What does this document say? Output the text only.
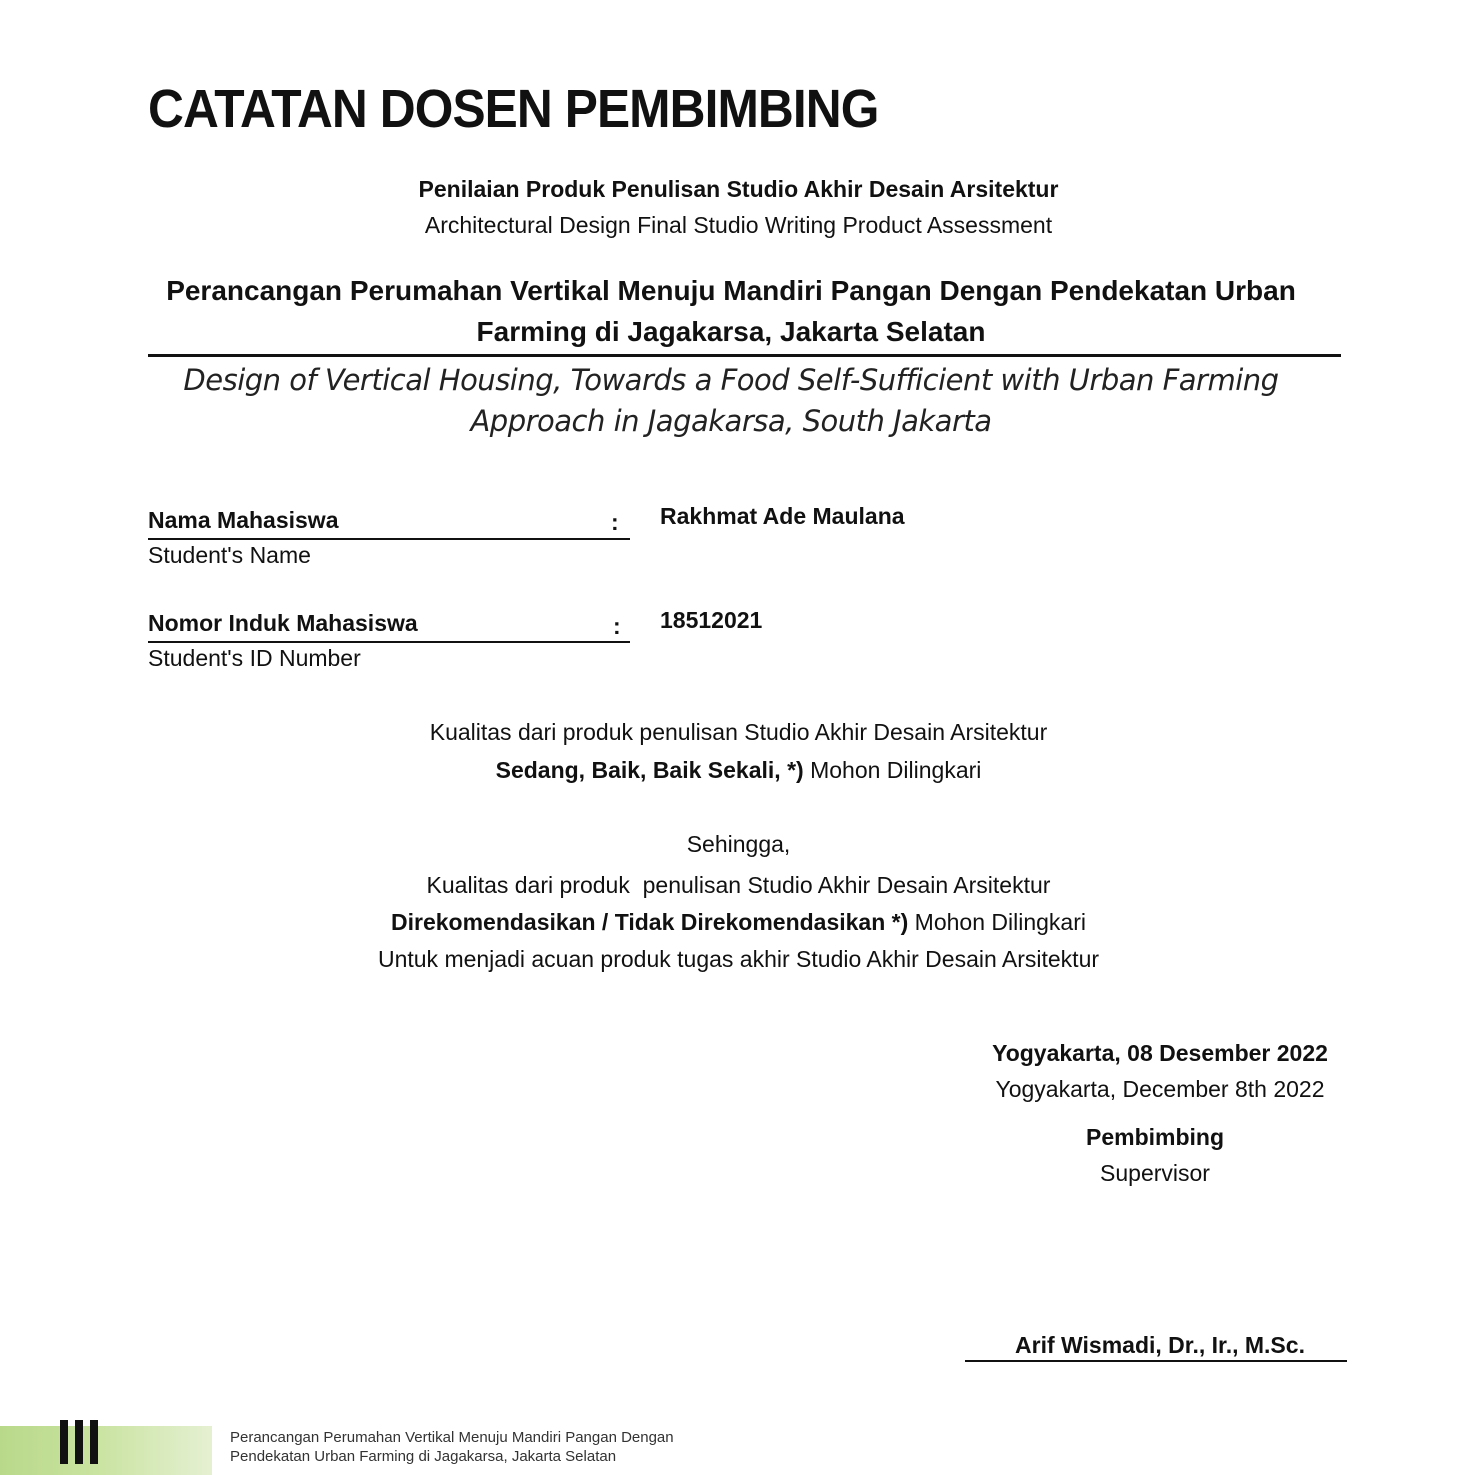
CATATAN DOSEN PEMBIMBING
Penilaian Produk Penulisan Studio Akhir Desain Arsitektur
Architectural Design Final Studio Writing Product Assessment
Perancangan Perumahan Vertikal Menuju Mandiri Pangan Dengan Pendekatan Urban Farming di Jagakarsa, Jakarta Selatan
Design of Vertical Housing, Towards a Food Self-Sufficient with Urban Farming Approach in Jagakarsa, South Jakarta
Nama Mahasiswa	:
Student's Name
Rakhmat Ade Maulana
Nomor Induk Mahasiswa	:
Student's ID Number
18512021
Kualitas dari produk penulisan Studio Akhir Desain Arsitektur
Sedang, Baik, Baik Sekali, *) Mohon Dilingkari
Sehingga,
Kualitas dari produk  penulisan Studio Akhir Desain Arsitektur
Direkomendasikan / Tidak Direkomendasikan *) Mohon Dilingkari
Untuk menjadi acuan produk tugas akhir Studio Akhir Desain Arsitektur
Yogyakarta, 08 Desember 2022
Yogyakarta, December 8th 2022
Pembimbing
Supervisor
Arif Wismadi, Dr., Ir., M.Sc.
Perancangan Perumahan Vertikal Menuju Mandiri Pangan Dengan
Pendekatan Urban Farming di Jagakarsa, Jakarta Selatan
